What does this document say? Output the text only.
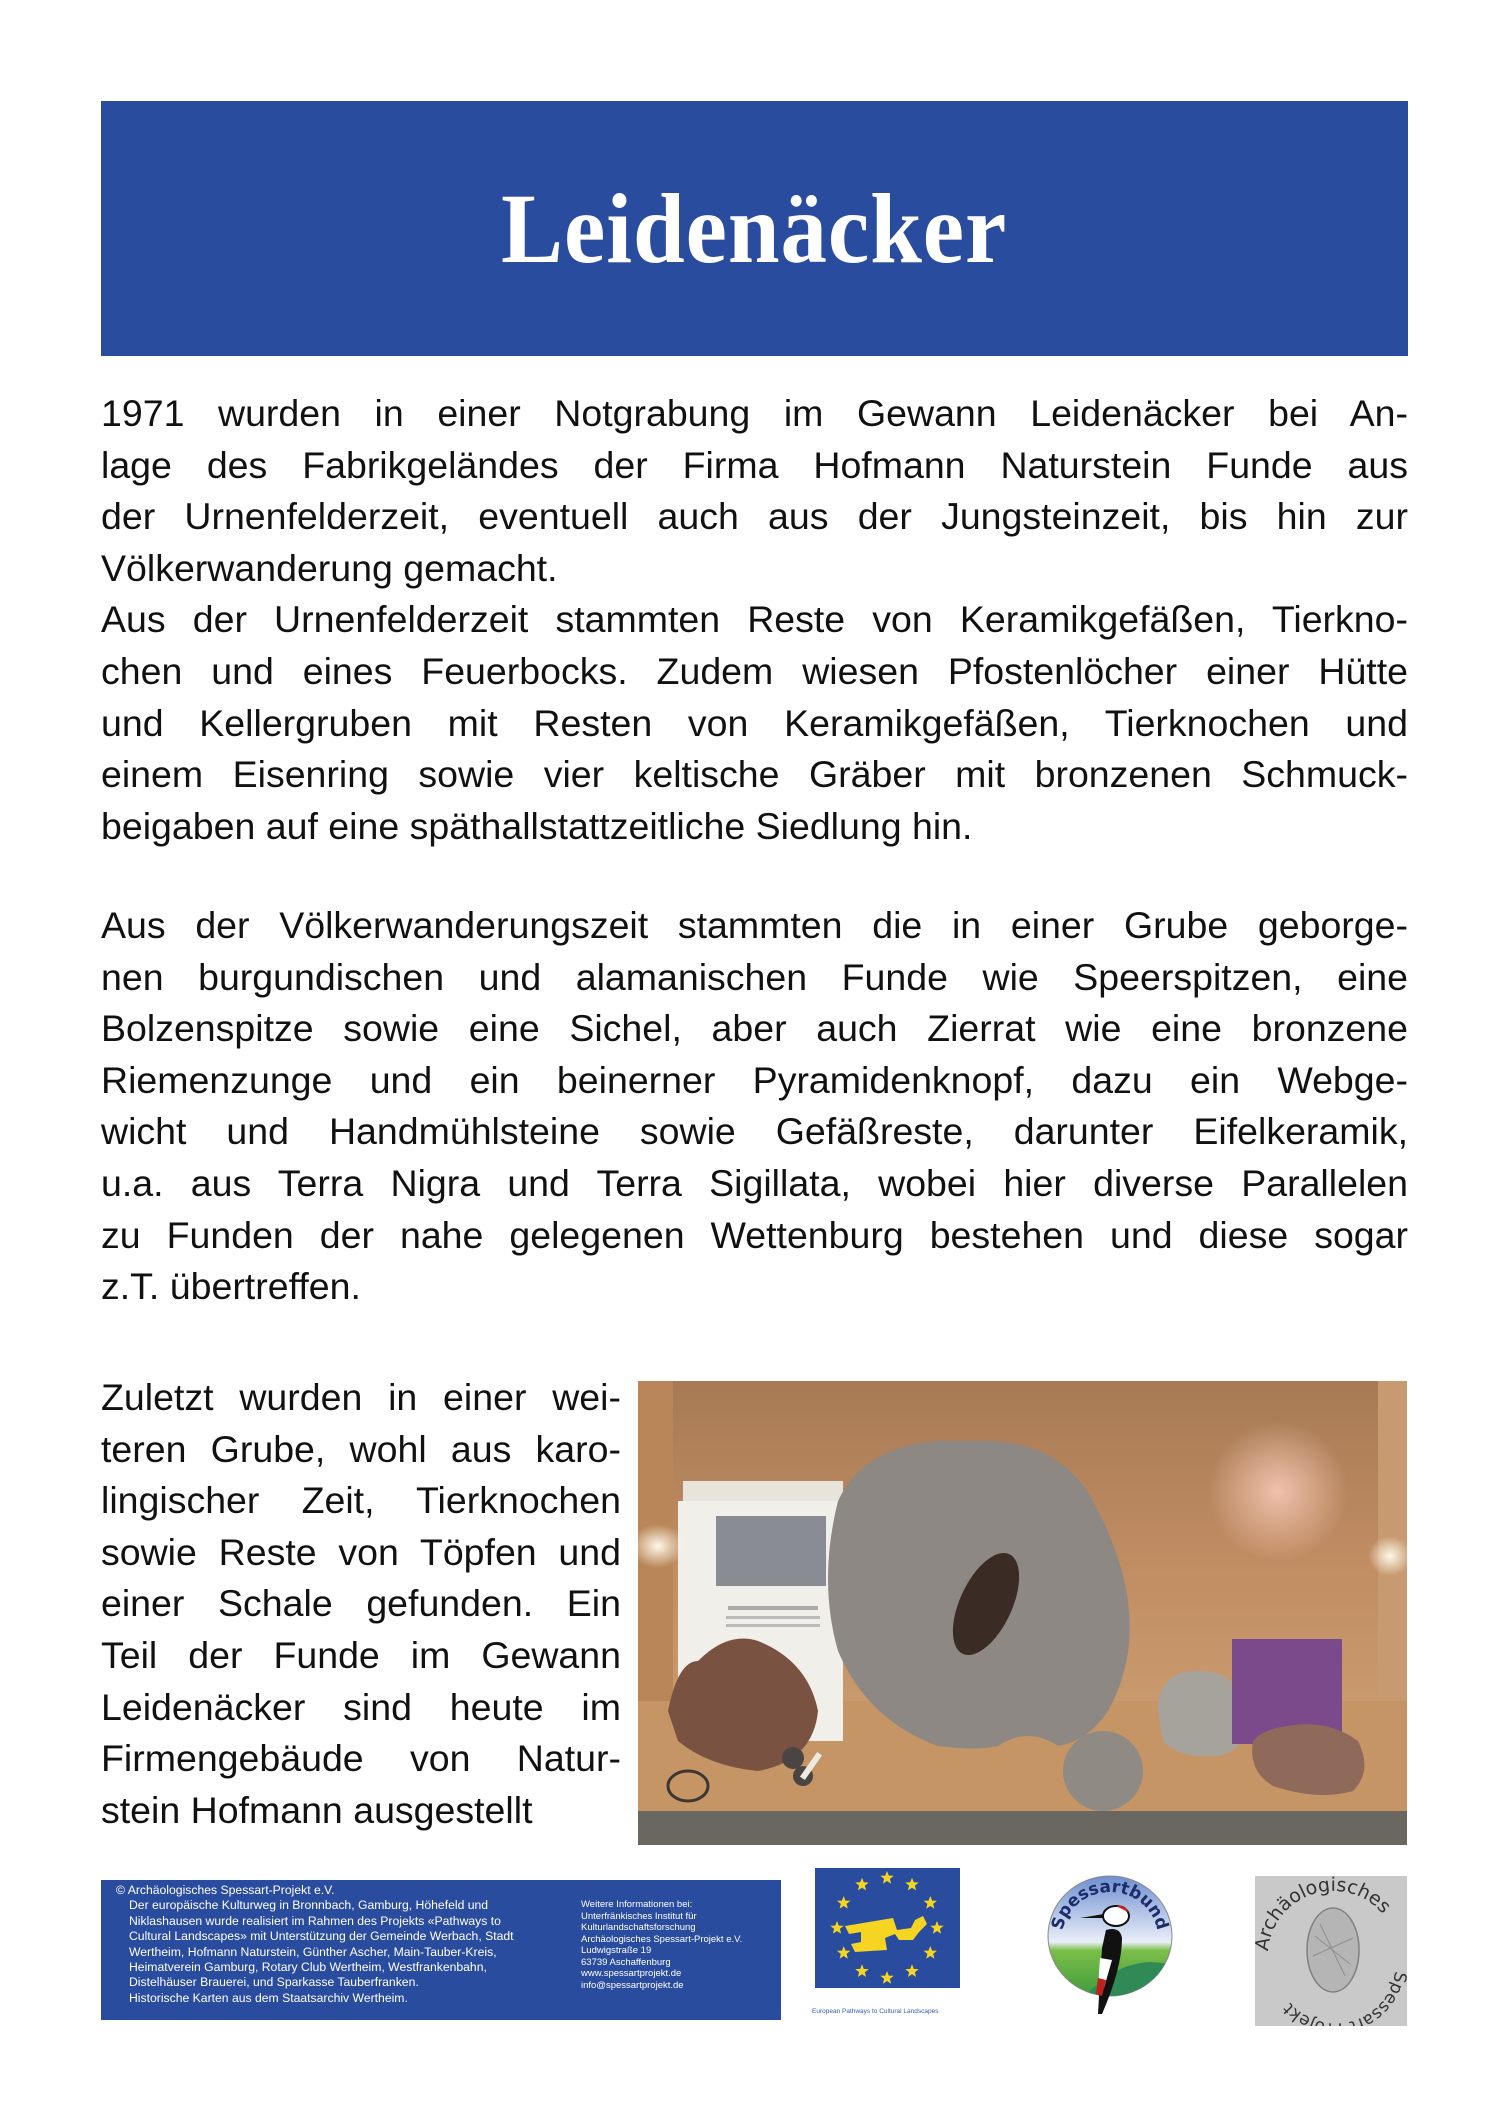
Leidenäcker
1971 wurden in einer Notgrabung im Gewann Leidenäcker bei An-
lage des Fabrikgeländes der Firma Hofmann Naturstein Funde aus
der Urnenfelderzeit, eventuell auch aus der Jungsteinzeit, bis hin zur
Völkerwanderung gemacht.
Aus der Urnenfelderzeit stammten Reste von Keramikgefäßen, Tierkno-
chen und eines Feuerbocks. Zudem wiesen Pfostenlöcher einer Hütte
und Kellergruben mit Resten von Keramikgefäßen, Tierknochen und
einem Eisenring sowie vier keltische Gräber mit bronzenen Schmuck-
beigaben auf eine späthallstattzeitliche Siedlung hin.
Aus der Völkerwanderungszeit stammten die in einer Grube geborge-
nen burgundischen und alamanischen Funde wie Speerspitzen, eine
Bolzenspitze sowie eine Sichel, aber auch Zierrat wie eine bronzene
Riemenzunge und ein beinerner Pyramidenknopf, dazu ein Webge-
wicht und Handmühlsteine sowie Gefäßreste, darunter Eifelkeramik,
u.a. aus Terra Nigra und Terra Sigillata, wobei hier diverse Parallelen
zu Funden der nahe gelegenen Wettenburg bestehen und diese sogar
z.T. übertreffen.
Zuletzt wurden in einer wei-
teren Grube, wohl aus karo-
lingischer Zeit, Tierknochen
sowie Reste von Töpfen und
einer Schale gefunden. Ein
Teil der Funde im Gewann
Leidenäcker sind heute im
Firmengebäude von Natur-
stein Hofmann ausgestellt
© Archäologisches Spessart-Projekt e.V.
Der europäische Kulturweg in Bronnbach, Gamburg, Höhefeld und
Niklashausen wurde realisiert im Rahmen des Projekts «Pathways to
Cultural Landscapes» mit Unterstützung der Gemeinde Werbach, Stadt
Wertheim, Hofmann Naturstein, Günther Ascher, Main-Tauber-Kreis,
Heimatverein Gamburg, Rotary Club Wertheim, Westfrankenbahn,
Distelhäuser Brauerei, und Sparkasse Tauberfranken.
Historische Karten aus dem Staatsarchiv Wertheim.
Weitere Informationen bei:
Unterfränkisches Institut für
Kulturlandschaftsforschung
Archäologisches Spessart-Projekt e.V.
Ludwigstraße 19
63739 Aschaffenburg
www.spessartprojekt.de
info@spessartprojekt.de
European Pathways to Cultural Landscapes
Spessartbund
rchäologisches
pessar jekt
